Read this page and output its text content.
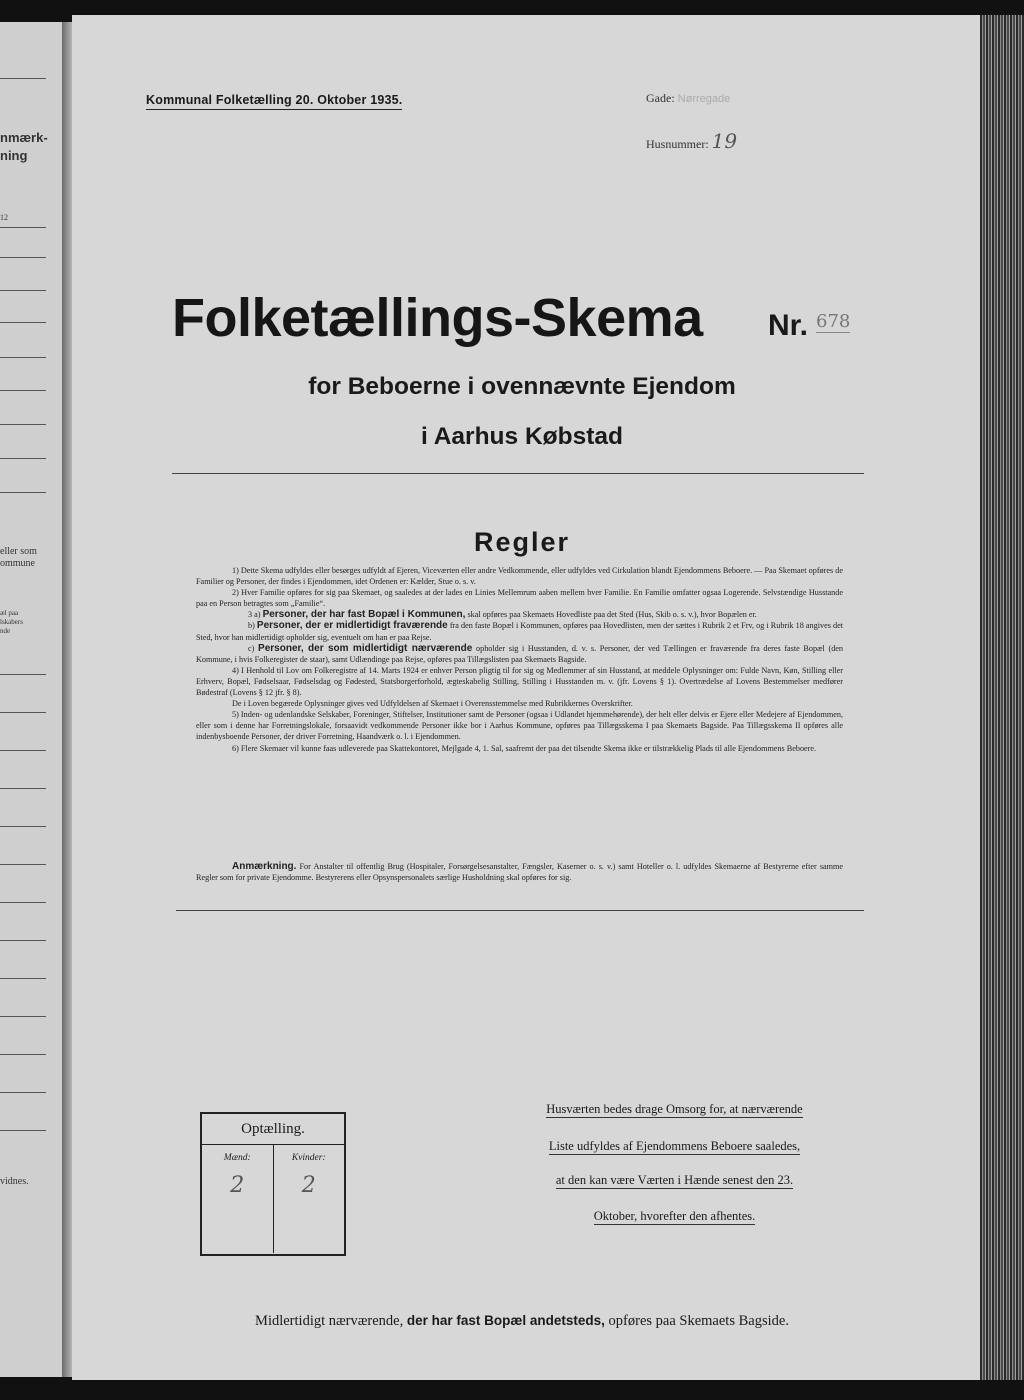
nmærk-
ning
12
eller som
ommune
æl paa
lskabers
nde
vidnes.
Kommunal Folketælling 20. Oktober 1935.	Gade: Nørregade
Husnummer: 19
Folketællings-Skema Nr. 678
for Beboerne i ovennævnte Ejendom
i Aarhus Købstad
Regler

1) Dette Skema udfyldes eller besørges udfyldt af Ejeren, Viceværten eller andre Vedkommende, eller udfyldes ved Cirkulation blandt Ejendommens Beboere. — Paa Skemaet opføres de Familier og Personer, der findes i Ejendommen, idet Ordenen er: Kælder, Stue o. s. v.

2) Hver Familie opføres for sig paa Skemaet, og saaledes at der lades en Linies Mellemrum aaben mellem hver Familie. En Familie omfatter ogsaa Logerende. Selvstændige Husstande paa en Person betragtes som „Familie“.

3 a) Personer, der har fast Bopæl i Kommunen, skal opføres paa Skemaets Hovedliste paa det Sted (Hus, Skib o. s. v.), hvor Bopælen er.

b) Personer, der er midlertidigt fraværende fra den faste Bopæl i Kommunen, opføres paa Hovedlisten, men der sættes i Rubrik 2 et Frv, og i Rubrik 18 angives det Sted, hvor han midlertidigt opholder sig, eventuelt om han er paa Rejse.

c) Personer, der som midlertidigt nærværende opholder sig i Husstanden, d. v. s. Personer, der ved Tællingen er fraværende fra deres faste Bopæl (den Kommune, i hvis Folkeregister de staar), samt Udlændinge paa Rejse, opføres paa Tillægslisten paa Skemaets Bagside.

4) I Henhold til Lov om Folkeregistre af 14. Marts 1924 er enhver Person pligtig til for sig og Medlemmer af sin Husstand, at meddele Oplysninger om: Fulde Navn, Køn, Stilling eller Erhverv, Bopæl, Fødselsaar, Fødselsdag og Fødested, Statsborgerforhold, ægteskabelig Stilling, Stilling i Husstanden m. v. (jfr. Lovens § 1). Overtrædelse af Lovens Bestemmelser medfører Bødestraf (Lovens § 12 jfr. § 8).

De i Loven begærede Oplysninger gives ved Udfyldelsen af Skemaet i Overensstemmelse med Rubrikkernes Overskrifter.

5) Inden- og udenlandske Selskaber, Foreninger, Stiftelser, Institutioner samt de Personer (ogsaa i Udlandet hjemmehørende), der helt eller delvis er Ejere eller Medejere af Ejendommen, eller som i denne har Forretningslokale, forsaavidt vedkommende Personer ikke bor i Aarhus Kommune, opføres paa Tillægsskema I paa Skemaets Bagside. Paa Tillægsskema II opføres alle indenbysboende Personer, der driver Forretning, Haandværk o. l. i Ejendommen.

6) Flere Skemaer vil kunne faas udleverede paa Skattekontoret, Mejlgade 4, 1. Sal, saafremt der paa det tilsendte Skema ikke er tilstrækkelig Plads til alle Ejendommens Beboere.

Anmærkning. For Anstalter til offentlig Brug (Hospitaler, Forsørgelsesanstalter, Fængsler, Kaserner o. s. v.) samt Hoteller o. l. udfyldes Skemaerne af Bestyrerne efter samme Regler som for private Ejendomme. Bestyrerens eller Opsynspersonalets særlige Husholdning skal opføres for sig.
Optælling.
Mænd:
2
Kvinder:
2
Husværten bedes drage Omsorg for, at nærværende
Liste udfyldes af Ejendommens Beboere saaledes,
at den kan være Værten i Hænde senest den 23.
Oktober, hvorefter den afhentes.
Midlertidigt nærværende, der har fast Bopæl andetsteds, opføres paa Skemaets Bagside.
